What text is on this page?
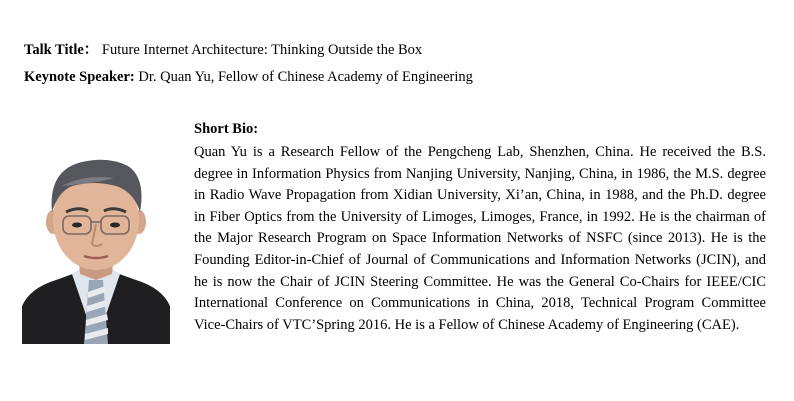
Talk Title： Future Internet Architecture: Thinking Outside the Box
Keynote Speaker: Dr. Quan Yu, Fellow of Chinese Academy of Engineering
Short Bio:
Quan Yu is a Research Fellow of the Pengcheng Lab, Shenzhen, China. He received the B.S. degree in Information Physics from Nanjing University, Nanjing, China, in 1986, the M.S. degree in Radio Wave Propagation from Xidian University, Xi’an, China, in 1988, and the Ph.D. degree in Fiber Optics from the University of Limoges, Limoges, France, in 1992. He is the chairman of the Major Research Program on Space Information Networks of NSFC (since 2013). He is the Founding Editor-in-Chief of Journal of Communications and Information Networks (JCIN), and he is now the Chair of JCIN Steering Committee. He was the General Co-Chairs for IEEE/CIC International Conference on Communications in China, 2018, Technical Program Committee Vice-Chairs of VTC’Spring 2016. He is a Fellow of Chinese Academy of Engineering (CAE).
